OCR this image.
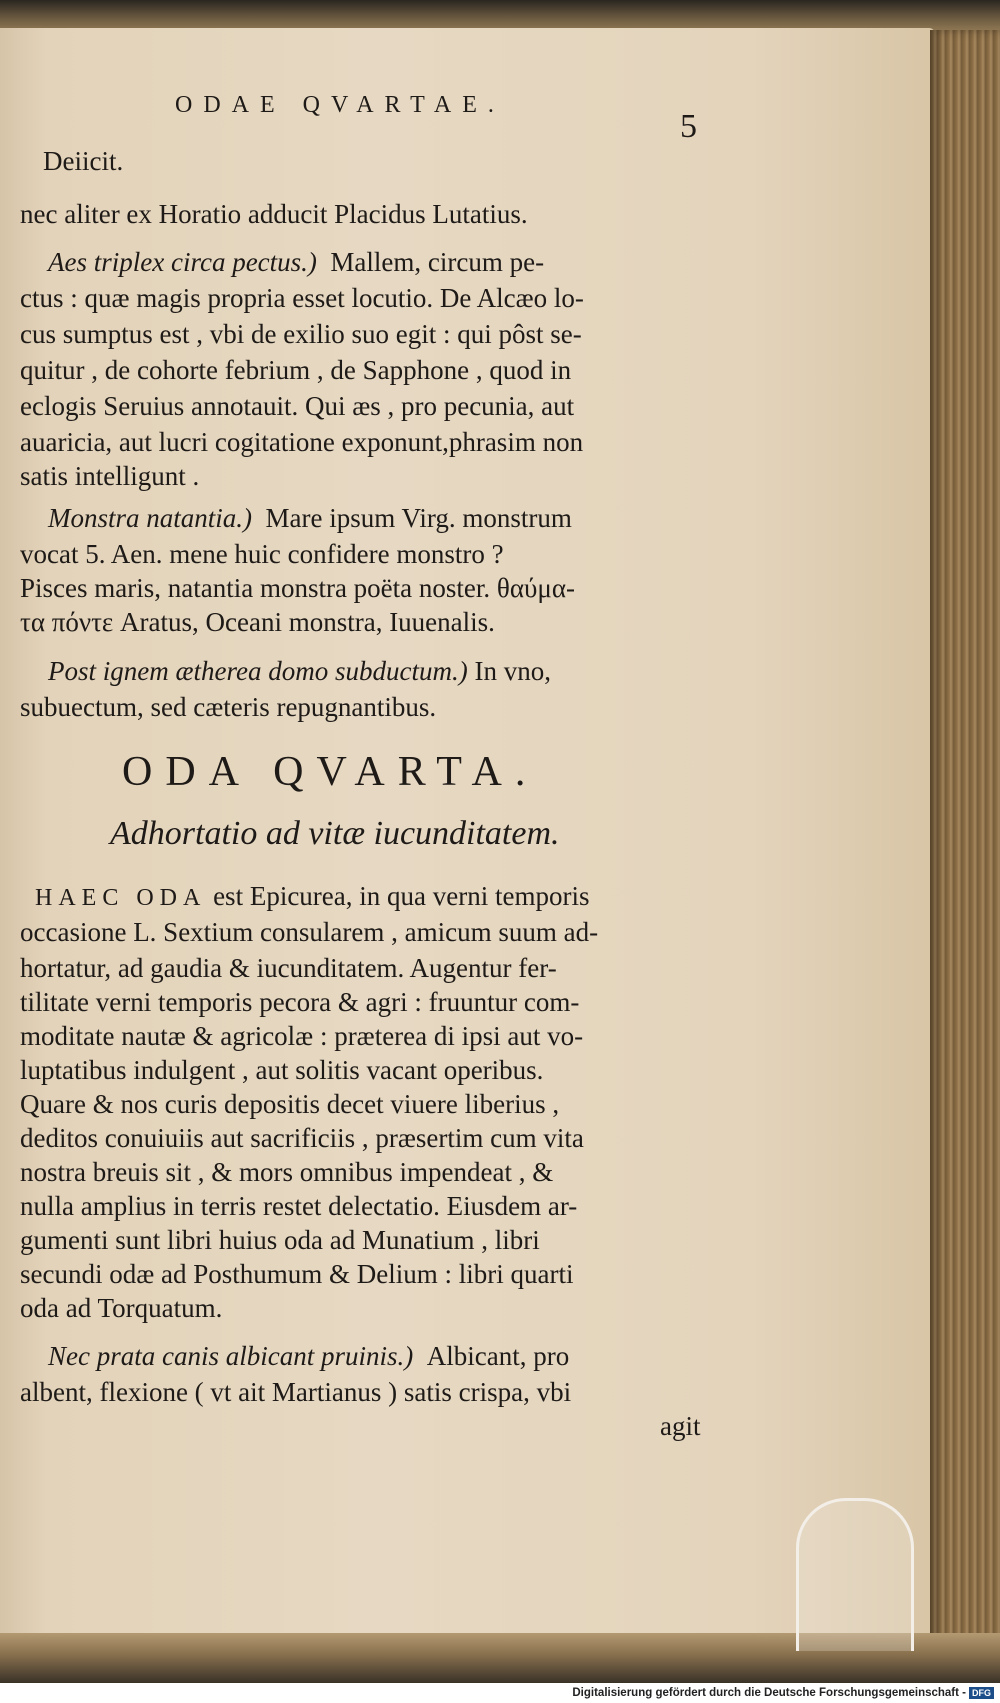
ODAE QVARTAE.
5
Deiicit.
nec aliter ex Horatio adducit Placidus Lutatius.
Aes triplex circa pectus.) Mallem, circum pe-
ctus : quæ magis propria esset locutio. De Alcæo lo-
cus sumptus est , vbi de exilio suo egit : qui pôst se-
quitur , de cohorte febrium , de Sapphone , quod in
eclogis Seruius annotauit. Qui æs , pro pecunia, aut
auaricia, aut lucri cogitatione exponunt,phrasim non
satis intelligunt .
Monstra natantia.) Mare ipsum Virg. monstrum
vocat 5. Aen. mene huic confidere monstro ?
Pisces maris, natantia monstra poëta noster. θαύμα-
τα πόντε Aratus, Oceani monstra, Iuuenalis.
Post ignem ætherea domo subductum.) In vno,
subuectum, sed cæteris repugnantibus.
ODA QVARTA.
Adhortatio ad vitæ iucunditatem.
HAEC ODA est Epicurea, in qua verni temporis
occasione L. Sextium consularem , amicum suum ad-
hortatur, ad gaudia & iucunditatem. Augentur fer-
tilitate verni temporis pecora & agri : fruuntur com-
moditate nautæ & agricolæ : præterea di ipsi aut vo-
luptatibus indulgent , aut solitis vacant operibus.
Quare & nos curis depositis decet viuere liberius ,
deditos conuiuiis aut sacrificiis , præsertim cum vita
nostra breuis sit , & mors omnibus impendeat , &
nulla amplius in terris restet delectatio. Eiusdem ar-
gumenti sunt libri huius oda ad Munatium , libri
secundi odæ ad Posthumum & Delium : libri quarti
oda ad Torquatum.
Nec prata canis albicant pruinis.) Albicant, pro
albent, flexione ( vt ait Martianus ) satis crispa, vbi
agit
Digitalisierung gefördert durch die Deutsche Forschungsgemeinschaft - DFG
